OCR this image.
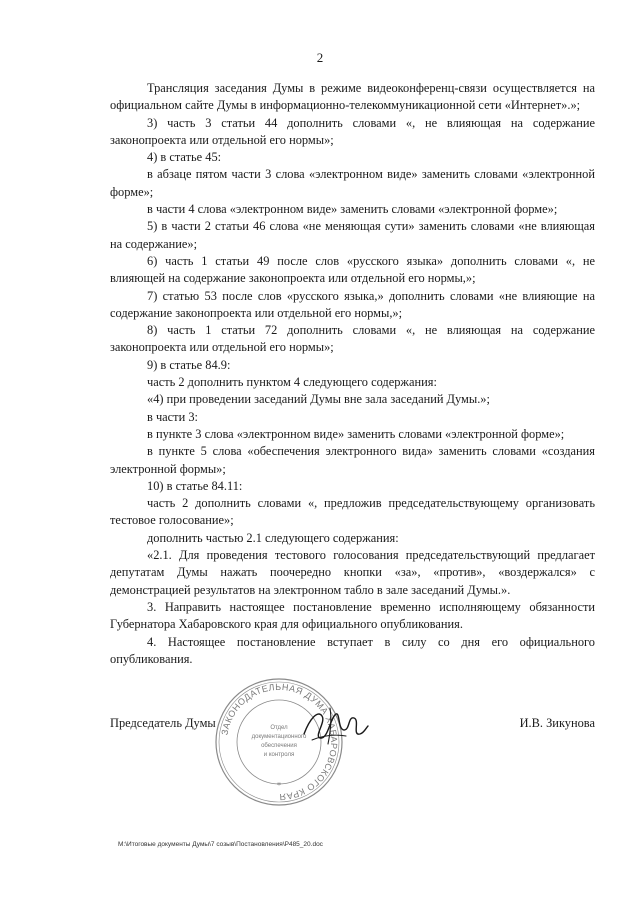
2

Трансляция заседания Думы в режиме видеоконференц-связи осуществляется на официальном сайте Думы в информационно-телекоммуникационной сети «Интернет».»;

3) часть 3 статьи 44 дополнить словами «, не влияющая на содержание законопроекта или отдельной его нормы»;

4) в статье 45:

в абзаце пятом части 3 слова «электронном виде» заменить словами «электронной форме»;

в части 4 слова «электронном виде» заменить словами «электронной форме»;

5) в части 2 статьи 46 слова «не меняющая сути» заменить словами «не влияющая на содержание»;

6) часть 1 статьи 49 после слов «русского языка» дополнить словами «, не влияющей на содержание законопроекта или отдельной его нормы,»;

7) статью 53 после слов «русского языка,» дополнить словами «не влияющие на содержание законопроекта или отдельной его нормы,»;

8) часть 1 статьи 72 дополнить словами «, не влияющая на содержание законопроекта или отдельной его нормы»;

9) в статье 84.9:

часть 2 дополнить пунктом 4 следующего содержания:

«4) при проведении заседаний Думы вне зала заседаний Думы.»;

в части 3:

в пункте 3 слова «электронном виде» заменить словами «электронной форме»;

в пункте 5 слова «обеспечения электронного вида» заменить словами «создания электронной формы»;

10) в статье 84.11:

часть 2 дополнить словами «, предложив председательствующему организовать тестовое голосование»;

дополнить частью 2.1 следующего содержания:

«2.1. Для проведения тестового голосования председательствующий предлагает депутатам Думы нажать поочередно кнопки «за», «против», «воздержался» с демонстрацией результатов на электронном табло в зале заседаний Думы.».

3. Направить настоящее постановление временно исполняющему обязанности Губернатора Хабаровского края для официального опубликования.

4. Настоящее постановление вступает в силу со дня его официального опубликования.

ЗАКОНОДАТЕЛЬНАЯ ДУМА ХАБАРОВСКОГО КРАЯ
Отдел
документационного
обеспечения
и контроля
*
Председатель Думы	И.В. Зикунова
M:\Итоговые документы Думы\7 созыв\Постановления\Р485_20.doc
